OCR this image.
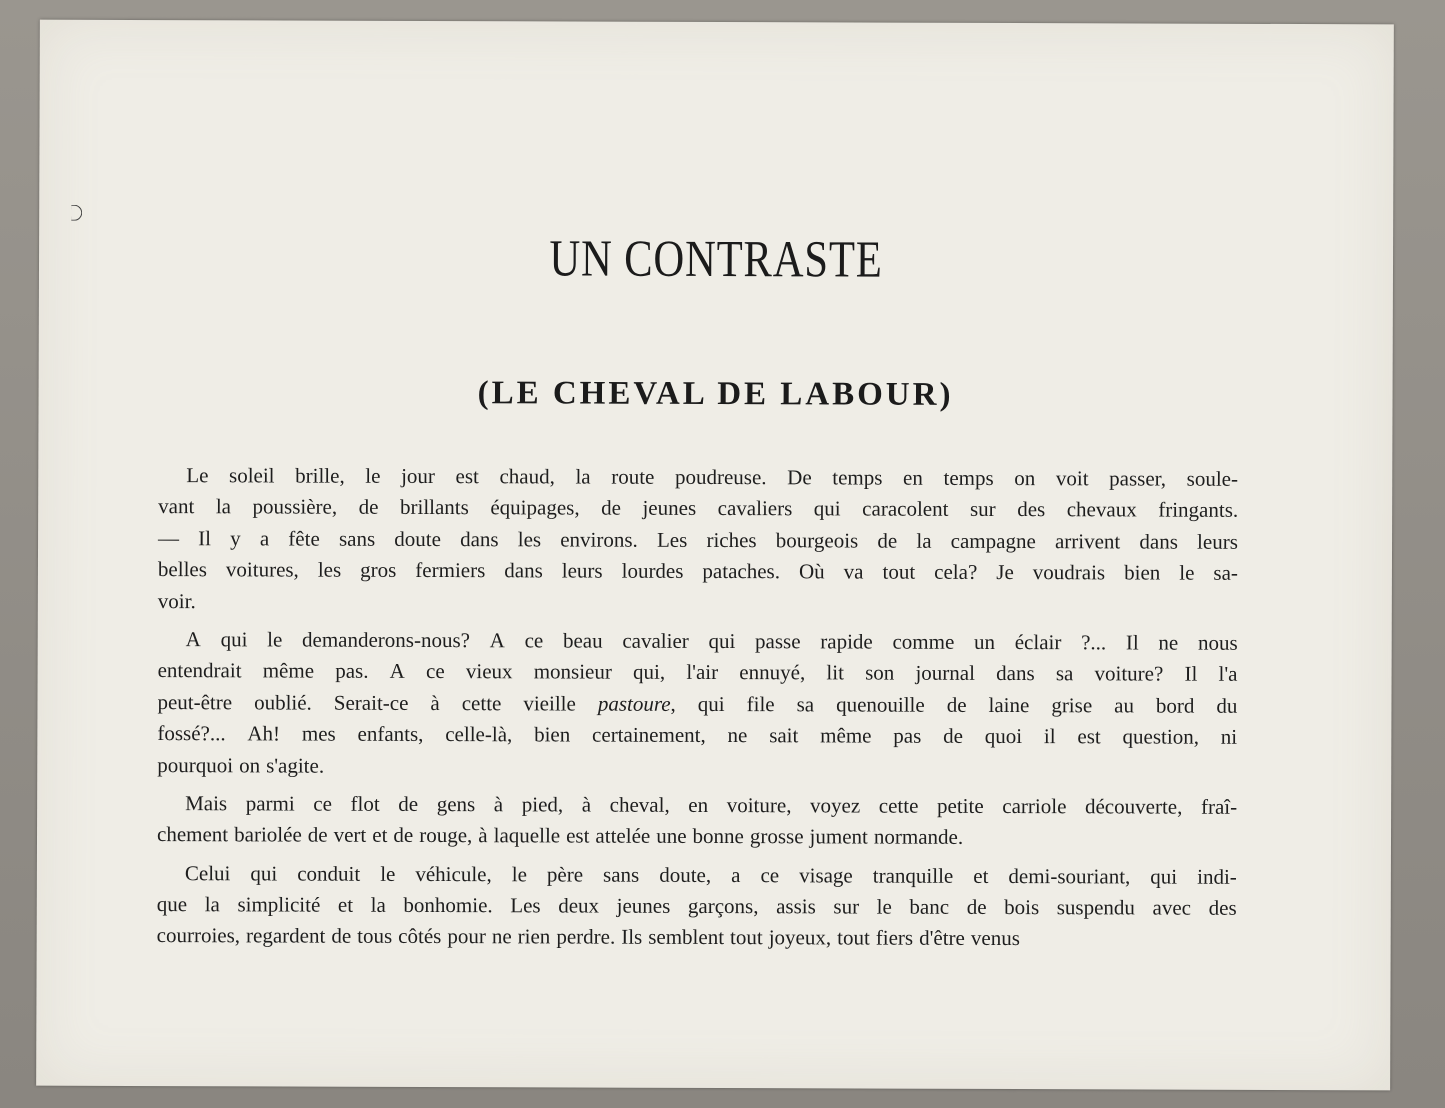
UN CONTRASTE
(LE CHEVAL DE LABOUR)
Le soleil brille, le jour est chaud, la route poudreuse. De temps en temps on voit passer, soule-
vant la poussière, de brillants équipages, de jeunes cavaliers qui caracolent sur des chevaux fringants.
— Il y a fête sans doute dans les environs. Les riches bourgeois de la campagne arrivent dans leurs
belles voitures, les gros fermiers dans leurs lourdes pataches. Où va tout cela? Je voudrais bien le sa-
voir.
A qui le demanderons-nous? A ce beau cavalier qui passe rapide comme un éclair ?... Il ne nous
entendrait même pas. A ce vieux monsieur qui, l'air ennuyé, lit son journal dans sa voiture? Il l'a
peut-être oublié. Serait-ce à cette vieille pastoure, qui file sa quenouille de laine grise au bord du
fossé?... Ah! mes enfants, celle-là, bien certainement, ne sait même pas de quoi il est question, ni
pourquoi on s'agite.
Mais parmi ce flot de gens à pied, à cheval, en voiture, voyez cette petite carriole découverte, fraî-
chement bariolée de vert et de rouge, à laquelle est attelée une bonne grosse jument normande.
Celui qui conduit le véhicule, le père sans doute, a ce visage tranquille et demi-souriant, qui indi-
que la simplicité et la bonhomie. Les deux jeunes garçons, assis sur le banc de bois suspendu avec des
courroies, regardent de tous côtés pour ne rien perdre. Ils semblent tout joyeux, tout fiers d'être venus
